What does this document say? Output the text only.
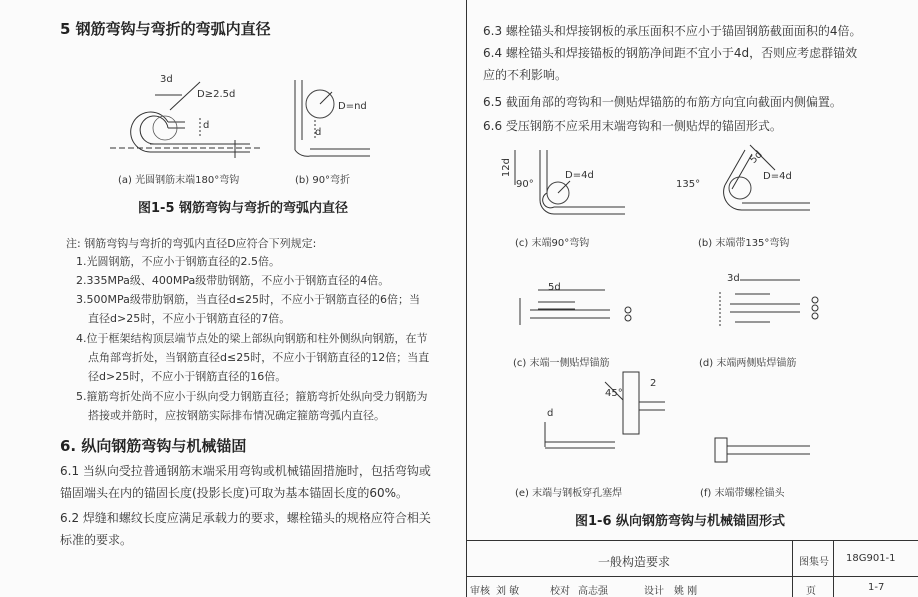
5 钢筋弯钩与弯折的弯弧内直径
3d
D≥2.5d
d
D=nd
d
(a) 光圆钢筋末端180°弯钩	(b) 90°弯折
图1-5 钢筋弯钩与弯折的弯弧内直径
注: 钢筋弯钩与弯折的弯弧内直径D应符合下列规定:
1.光圆钢筋，不应小于钢筋直径的2.5倍。
2.335MPa级、400MPa级带肋钢筋，不应小于钢筋直径的4倍。
3.500MPa级带肋钢筋，当直径d≤25时，不应小于钢筋直径的6倍；当
直径d>25时，不应小于钢筋直径的7倍。
4.位于框架结构顶层端节点处的梁上部纵向钢筋和柱外侧纵向钢筋，在节
点角部弯折处，当钢筋直径d≤25时，不应小于钢筋直径的12倍；当直
径d>25时，不应小于钢筋直径的16倍。
5.箍筋弯折处尚不应小于纵向受力钢筋直径；箍筋弯折处纵向受力钢筋为
搭接或并筋时，应按钢筋实际排布情况确定箍筋弯弧内直径。
6. 纵向钢筋弯钩与机械锚固
6.1 当纵向受拉普通钢筋末端采用弯钩或机械锚固措施时，包括弯钩或
锚固端头在内的锚固长度(投影长度)可取为基本锚固长度的60%。
6.2 焊缝和螺纹长度应满足承载力的要求，螺栓锚头的规格应符合相关
标准的要求。
6.3 螺栓锚头和焊接钢板的承压面积不应小于锚固钢筋截面面积的4倍。
6.4 螺栓锚头和焊接锚板的钢筋净间距不宜小于4d，否则应考虑群锚效
应的不利影响。
6.5 截面角部的弯钩和一侧贴焊锚筋的布筋方向宜向截面内侧偏置。
6.6 受压钢筋不应采用末端弯钩和一侧贴焊的锚固形式。
12d
90°
D=4d
5d
135°
D=4d
(c) 末端90°弯钩	(b) 末端带135°弯钩
5d
3d
(c) 末端一侧贴焊锚筋	(d) 末端两侧贴焊锚筋
45°
2
d
(e) 末端与钢板穿孔塞焊	(f) 末端带螺栓锚头
图1-6 纵向钢筋弯钩与机械锚固形式
一般构造要求	图集号 18G901-1
审核 刘 敏	校对 高志强	设计 姚 刚	页	1-7
